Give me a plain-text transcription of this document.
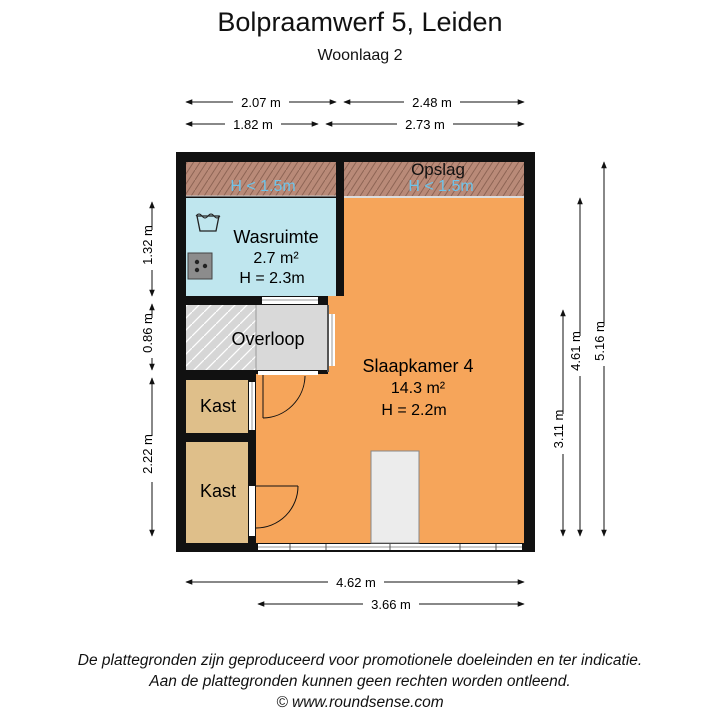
Bolpraamwerf 5, Leiden
Woonlaag 2
2.07 m	2.48 m
1.82 m	2.73 m
1.32 m
0.86 m
2.22 m
3.11 m
4.61 m 5.16 m
4.62 m
3.66 m
Opslag
H < 1.5m	H < 1.5m
Wasruimte
2.7 m²
H = 2.3m
Overloop
Slaapkamer 4
14.3 m²
H = 2.2m
Kast
Kast
De plattegronden zijn geproduceerd voor promotionele doeleinden en ter indicatie.
Aan de plattegronden kunnen geen rechten worden ontleend.
© www.roundsense.com
